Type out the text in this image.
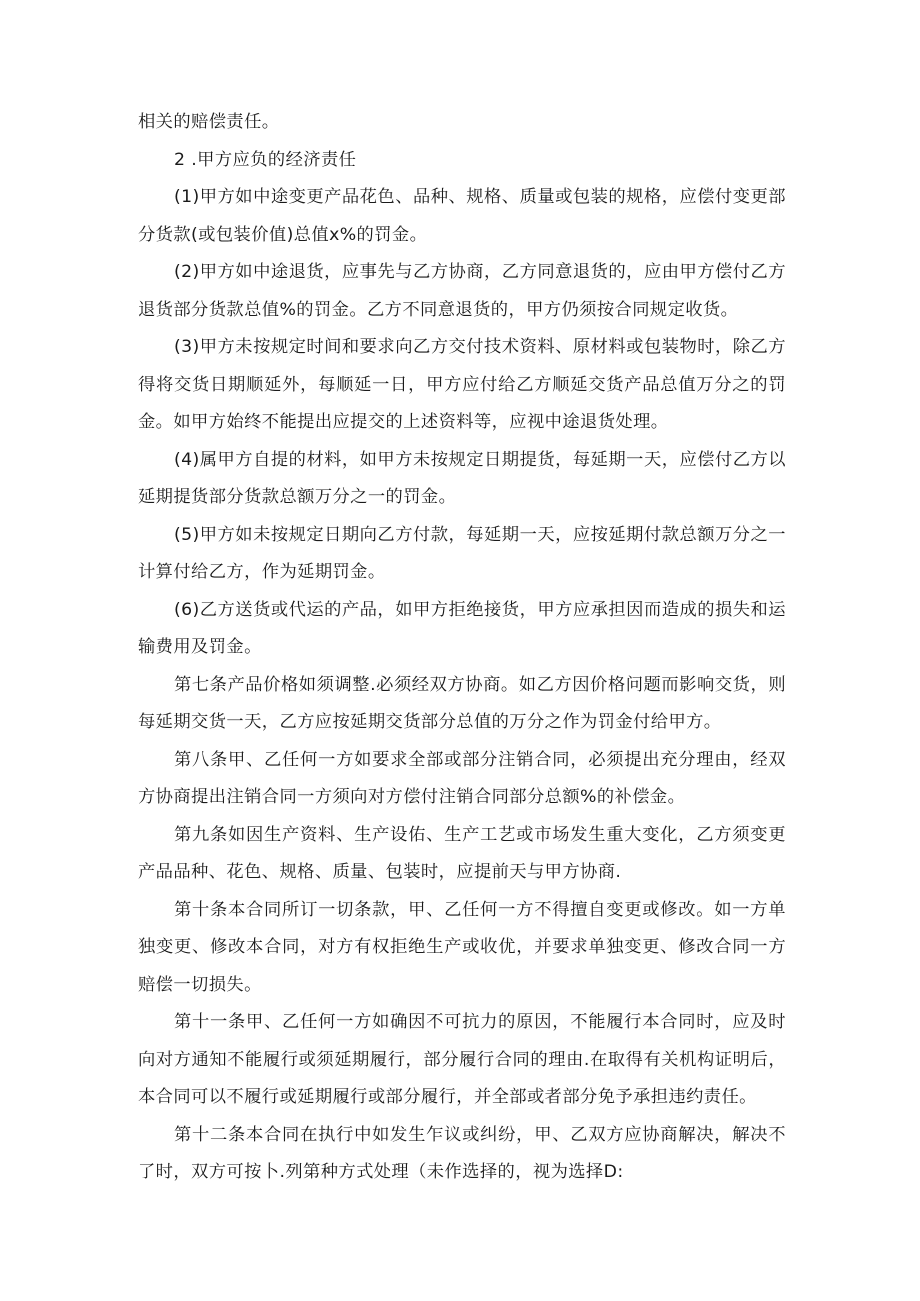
相关的赔偿责任。

2 .甲方应负的经济责任

(1)甲方如中途变更产品花色、品种、规格、质量或包装的规格，应偿付变更部分货款(或包装价值)总值x%的罚金。

(2)甲方如中途退货，应事先与乙方协商，乙方同意退货的，应由甲方偿付乙方退货部分货款总值%的罚金。乙方不同意退货的，甲方仍须按合同规定收货。

(3)甲方未按规定时间和要求向乙方交付技术资料、原材料或包装物时，除乙方得将交货日期顺延外，每顺延一日，甲方应付给乙方顺延交货产品总值万分之的罚金。如甲方始终不能提出应提交的上述资料等，应视中途退货处理。

(4)属甲方自提的材料，如甲方未按规定日期提货，每延期一天，应偿付乙方以延期提货部分货款总额万分之一的罚金。

(5)甲方如未按规定日期向乙方付款，每延期一天，应按延期付款总额万分之一计算付给乙方，作为延期罚金。

(6)乙方送货或代运的产品，如甲方拒绝接货，甲方应承担因而造成的损失和运输费用及罚金。

第七条产品价格如须调整.必须经双方协商。如乙方因价格问题而影响交货，则每延期交货一天，乙方应按延期交货部分总值的万分之作为罚金付给甲方。

第八条甲、乙任何一方如要求全部或部分注销合同，必须提出充分理由，经双方协商提出注销合同一方须向对方偿付注销合同部分总额%的补偿金。

第九条如因生产资料、生产设佑、生产工艺或市场发生重大变化，乙方须变更产品品种、花色、规格、质量、包装时，应提前天与甲方协商.

第十条本合同所订一切条款，甲、乙任何一方不得擅自变更或修改。如一方单独变更、修改本合同，对方有权拒绝生产或收优，并要求单独变更、修改合同一方赔偿一切损失。

第十一条甲、乙任何一方如确因不可抗力的原因，不能履行本合同时，应及时向对方通知不能履行或须延期履行，部分履行合同的理由.在取得有关机构证明后，本合同可以不履行或延期履行或部分履行，并全部或者部分免予承担违约责任。

第十二条本合同在执行中如发生乍议或纠纷，甲、乙双方应协商解决，解决不了时，双方可按卜.列第种方式处理（未作选择的，视为选择D:
